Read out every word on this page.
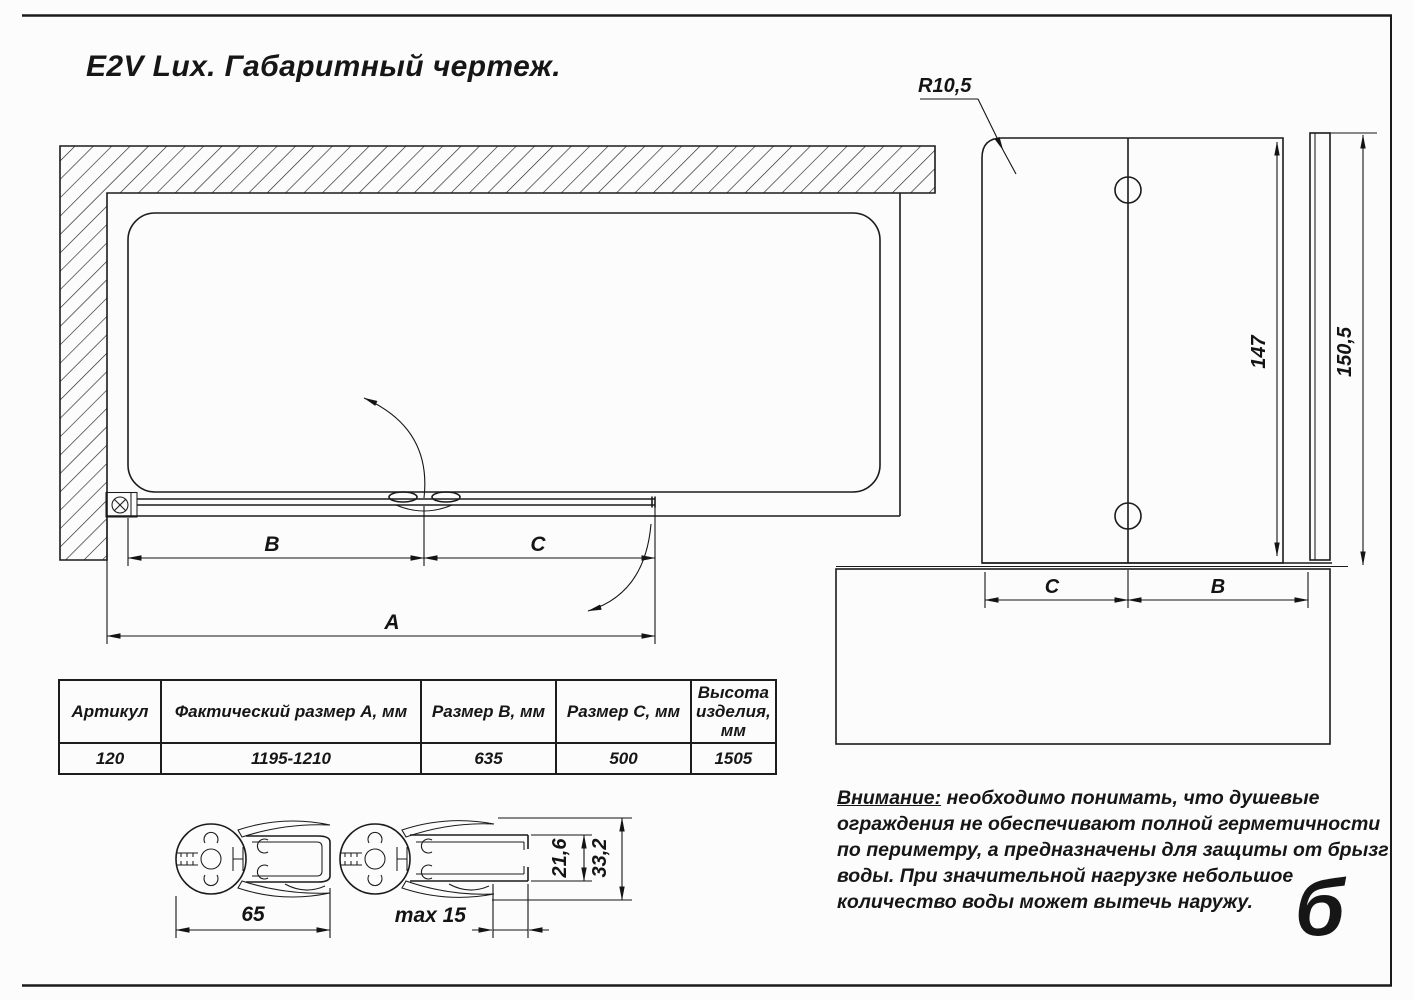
B	C
A
R10,5
147	150,5
С	В
65	max 15
21,6 33,2
E2V Lux. Габаритный чертеж.
Артикул	Фактический размер А, мм	Размер В, мм	Размер С, мм	Высота изделия, мм
120	1195-1210	635	500	1505
Внимание: необходимо понимать, что душевые ограждения не обеспечивают полной герметичности по периметру, а предназначены для защиты от брызг воды. При значительной нагрузке небольшое количество воды может вытечь наружу. б
